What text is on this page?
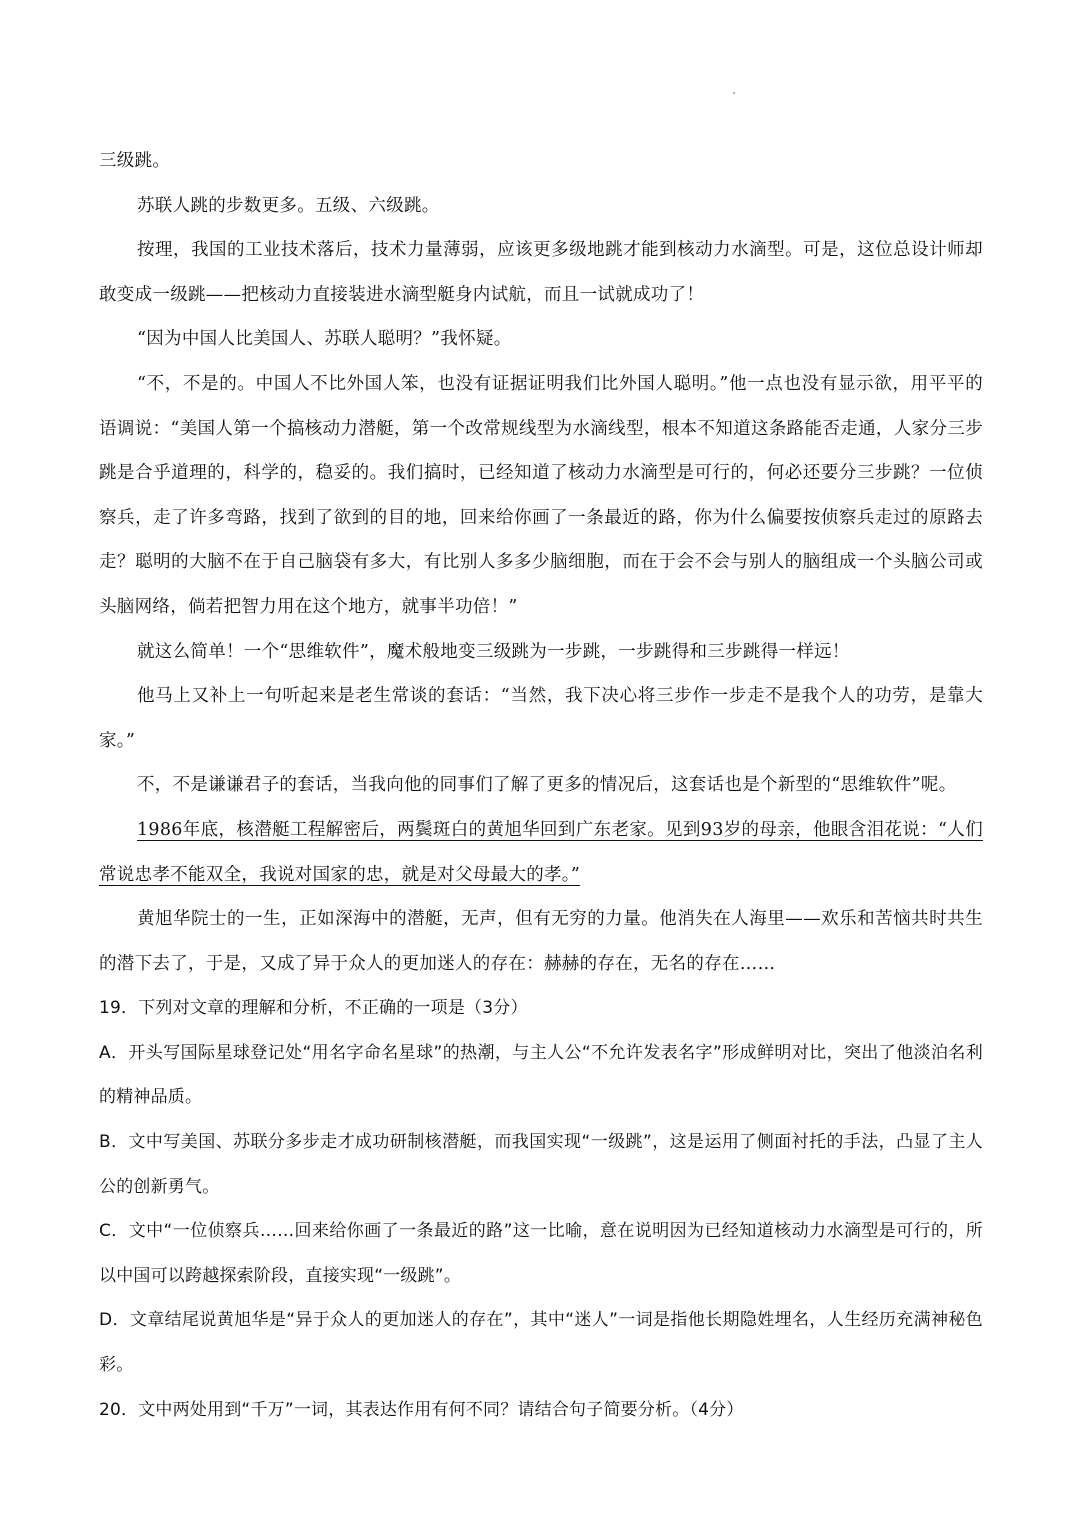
三级跳。

苏联人跳的步数更多。五级、六级跳。

按理，我国的工业技术落后，技术力量薄弱，应该更多级地跳才能到核动力水滴型。可是，这位总设计师却敢变成一级跳——把核动力直接装进水滴型艇身内试航，而且一试就成功了！

“因为中国人比美国人、苏联人聪明？”我怀疑。

“不，不是的。中国人不比外国人笨，也没有证据证明我们比外国人聪明。”他一点也没有显示欲，用平平的语调说：“美国人第一个搞核动力潜艇，第一个改常规线型为水滴线型，根本不知道这条路能否走通，人家分三步跳是合乎道理的，科学的，稳妥的。我们搞时，已经知道了核动力水滴型是可行的，何必还要分三步跳？一位侦察兵，走了许多弯路，找到了欲到的目的地，回来给你画了一条最近的路，你为什么偏要按侦察兵走过的原路去走？聪明的大脑不在于自己脑袋有多大，有比别人多多少脑细胞，而在于会不会与别人的脑组成一个头脑公司或头脑网络，倘若把智力用在这个地方，就事半功倍！”

就这么简单！一个“思维软件”，魔术般地变三级跳为一步跳，一步跳得和三步跳得一样远！

他马上又补上一句听起来是老生常谈的套话：“当然，我下决心将三步作一步走不是我个人的功劳，是靠大家。”

不，不是谦谦君子的套话，当我向他的同事们了解了更多的情况后，这套话也是个新型的“思维软件”呢。

1986年底，核潜艇工程解密后，两鬓斑白的黄旭华回到广东老家。见到93岁的母亲，他眼含泪花说：“人们常说忠孝不能双全，我说对国家的忠，就是对父母最大的孝。”

黄旭华院士的一生，正如深海中的潜艇，无声，但有无穷的力量。他消失在人海里——欢乐和苦恼共时共生的潜下去了，于是，又成了异于众人的更加迷人的存在：赫赫的存在，无名的存在……

19．下列对文章的理解和分析，不正确的一项是（3分）

A．开头写国际星球登记处“用名字命名星球”的热潮，与主人公“不允许发表名字”形成鲜明对比，突出了他淡泊名利的精神品质。

B．文中写美国、苏联分多步走才成功研制核潜艇，而我国实现“一级跳”，这是运用了侧面衬托的手法，凸显了主人公的创新勇气。

C．文中“一位侦察兵……回来给你画了一条最近的路”这一比喻，意在说明因为已经知道核动力水滴型是可行的，所以中国可以跨越探索阶段，直接实现“一级跳”。

D．文章结尾说黄旭华是“异于众人的更加迷人的存在”，其中“迷人”一词是指他长期隐姓埋名，人生经历充满神秘色彩。

20．文中两处用到“千万”一词，其表达作用有何不同？请结合句子简要分析。（4分）
